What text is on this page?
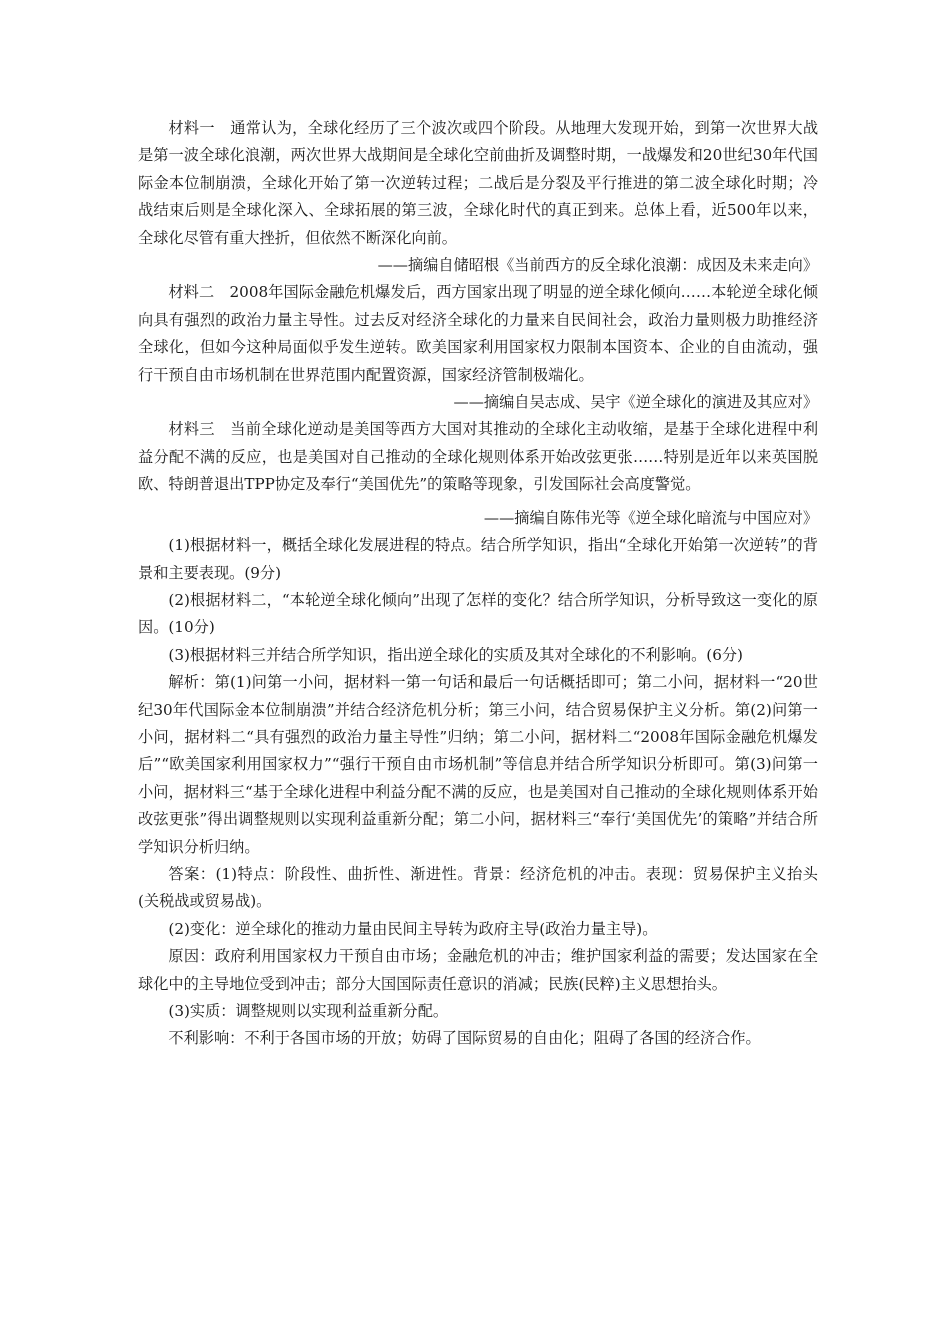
材料一　通常认为，全球化经历了三个波次或四个阶段。从地理大发现开始，到第一次世界大战是第一波全球化浪潮，两次世界大战期间是全球化空前曲折及调整时期，一战爆发和20世纪30年代国际金本位制崩溃，全球化开始了第一次逆转过程；二战后是分裂及平行推进的第二波全球化时期；冷战结束后则是全球化深入、全球拓展的第三波，全球化时代的真正到来。总体上看，近500年以来，全球化尽管有重大挫折，但依然不断深化向前。

——摘编自储昭根《当前西方的反全球化浪潮：成因及未来走向》

材料二　2008年国际金融危机爆发后，西方国家出现了明显的逆全球化倾向……本轮逆全球化倾向具有强烈的政治力量主导性。过去反对经济全球化的力量来自民间社会，政治力量则极力助推经济全球化，但如今这种局面似乎发生逆转。欧美国家利用国家权力限制本国资本、企业的自由流动，强行干预自由市场机制在世界范围内配置资源，国家经济管制极端化。

——摘编自吴志成、吴宇《逆全球化的演进及其应对》

材料三　当前全球化逆动是美国等西方大国对其推动的全球化主动收缩，是基于全球化进程中利益分配不满的反应，也是美国对自己推动的全球化规则体系开始改弦更张……特别是近年以来英国脱欧、特朗普退出TPP协定及奉行“美国优先”的策略等现象，引发国际社会高度警觉。

——摘编自陈伟光等《逆全球化暗流与中国应对》

(1)根据材料一，概括全球化发展进程的特点。结合所学知识，指出“全球化开始第一次逆转”的背景和主要表现。(9分)

(2)根据材料二，“本轮逆全球化倾向”出现了怎样的变化？结合所学知识，分析导致这一变化的原因。(10分)

(3)根据材料三并结合所学知识，指出逆全球化的实质及其对全球化的不利影响。(6分)

解析：第(1)问第一小问，据材料一第一句话和最后一句话概括即可；第二小问，据材料一“20世纪30年代国际金本位制崩溃”并结合经济危机分析；第三小问，结合贸易保护主义分析。第(2)问第一小问，据材料二“具有强烈的政治力量主导性”归纳；第二小问，据材料二“2008年国际金融危机爆发后”“欧美国家利用国家权力”“强行干预自由市场机制”等信息并结合所学知识分析即可。第(3)问第一小问，据材料三“基于全球化进程中利益分配不满的反应，也是美国对自己推动的全球化规则体系开始改弦更张”得出调整规则以实现利益重新分配；第二小问，据材料三“奉行‘美国优先’的策略”并结合所学知识分析归纳。

答案：(1)特点：阶段性、曲折性、渐进性。背景：经济危机的冲击。表现：贸易保护主义抬头(关税战或贸易战)。

(2)变化：逆全球化的推动力量由民间主导转为政府主导(政治力量主导)。

原因：政府利用国家权力干预自由市场；金融危机的冲击；维护国家利益的需要；发达国家在全球化中的主导地位受到冲击；部分大国国际责任意识的消减；民族(民粹)主义思想抬头。

(3)实质：调整规则以实现利益重新分配。

不利影响：不利于各国市场的开放；妨碍了国际贸易的自由化；阻碍了各国的经济合作。
